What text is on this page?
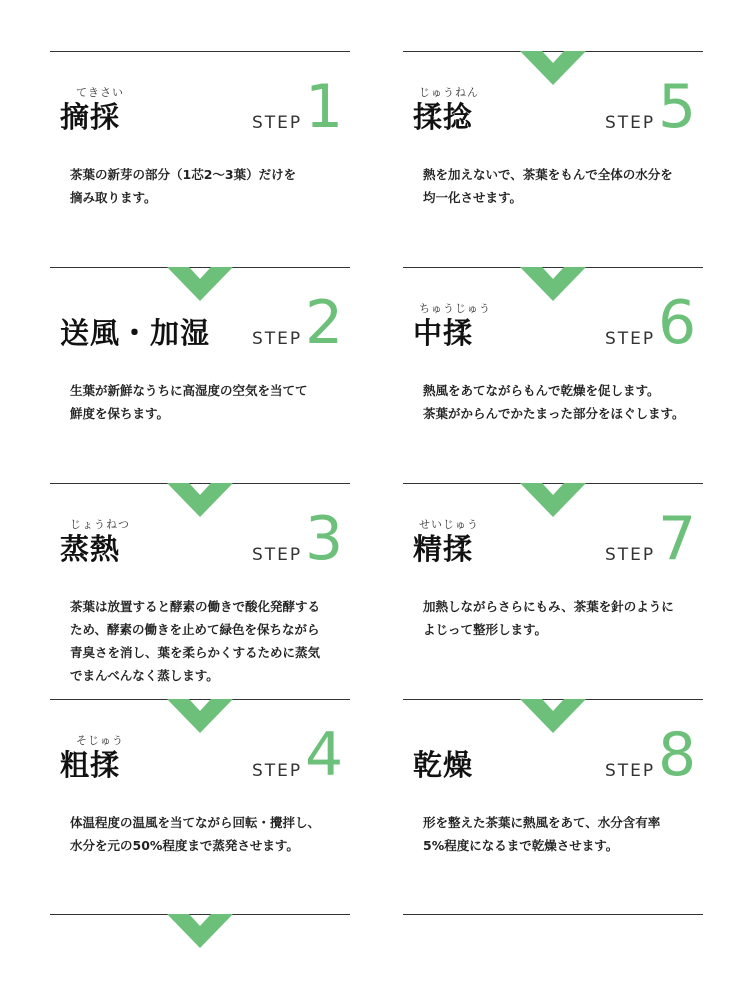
てきさい
摘採	STEP 1

茶葉の新芽の部分（1芯2～3葉）だけを

摘み取ります。

送風・加湿 STEP 2

生葉が新鮮なうちに高湿度の空気を当てて

鮮度を保ちます。

じょうねつ
蒸熱	STEP 3

茶葉は放置すると酵素の働きで酸化発酵する

ため、酵素の働きを止めて緑色を保ちながら

青臭さを消し、葉を柔らかくするために蒸気

でまんべんなく蒸します。

そじゅう
粗揉	STEP 4

体温程度の温風を当てながら回転・攪拌し、

水分を元の50%程度まで蒸発させます。

じゅうねん
揉捻	STEP 5

熱を加えないで、茶葉をもんで全体の水分を

均一化させます。

ちゅうじゅう
中揉	STEP 6

熱風をあてながらもんで乾燥を促します。

茶葉がからんでかたまった部分をほぐします。

せいじゅう
精揉	STEP 7

加熱しながらさらにもみ、茶葉を針のように

よじって整形します。

乾燥	STEP 8

形を整えた茶葉に熱風をあて、水分含有率

5%程度になるまで乾燥させます。
